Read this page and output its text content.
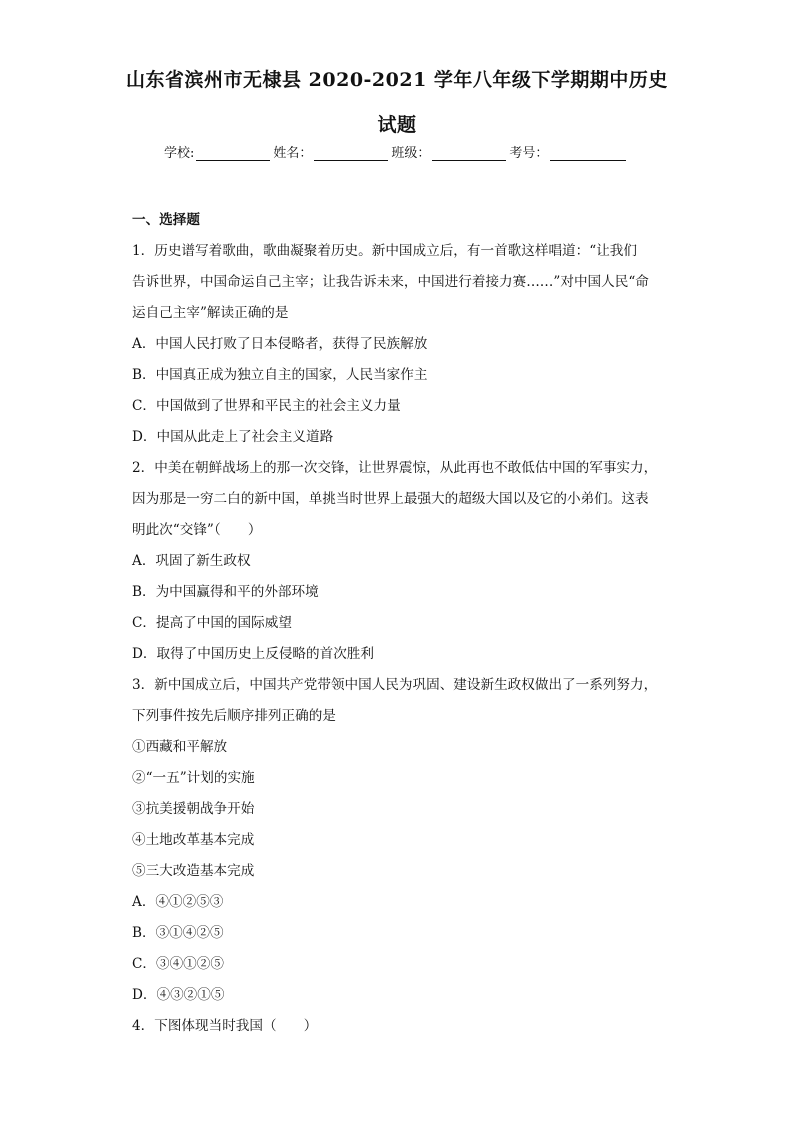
山东省滨州市无棣县 2020-2021 学年八年级下学期期中历史
试题
学校:	姓名：	班级：	考号：

一、选择题

1．历史谱写着歌曲，歌曲凝聚着历史。新中国成立后，有一首歌这样唱道：“让我们

告诉世界，中国命运自己主宰；让我告诉未来，中国进行着接力赛……”对中国人民“命

运自己主宰”解读正确的是

A．中国人民打败了日本侵略者，获得了民族解放

B．中国真正成为独立自主的国家，人民当家作主

C．中国做到了世界和平民主的社会主义力量

D．中国从此走上了社会主义道路

2．中美在朝鲜战场上的那一次交锋，让世界震惊，从此再也不敢低估中国的军事实力，

因为那是一穷二白的新中国，单挑当时世界上最强大的超级大国以及它的小弟们。这表

明此次“交锋”（　　）

A．巩固了新生政权

B．为中国赢得和平的外部环境

C．提高了中国的国际威望

D．取得了中国历史上反侵略的首次胜利

3．新中国成立后，中国共产党带领中国人民为巩固、建设新生政权做出了一系列努力，

下列事件按先后顺序排列正确的是

①西藏和平解放

②“一五”计划的实施

③抗美援朝战争开始

④土地改革基本完成

⑤三大改造基本完成

A．④①②⑤③

B．③①④②⑤

C．③④①②⑤

D．④③②①⑤

4．下图体现当时我国（　　）
